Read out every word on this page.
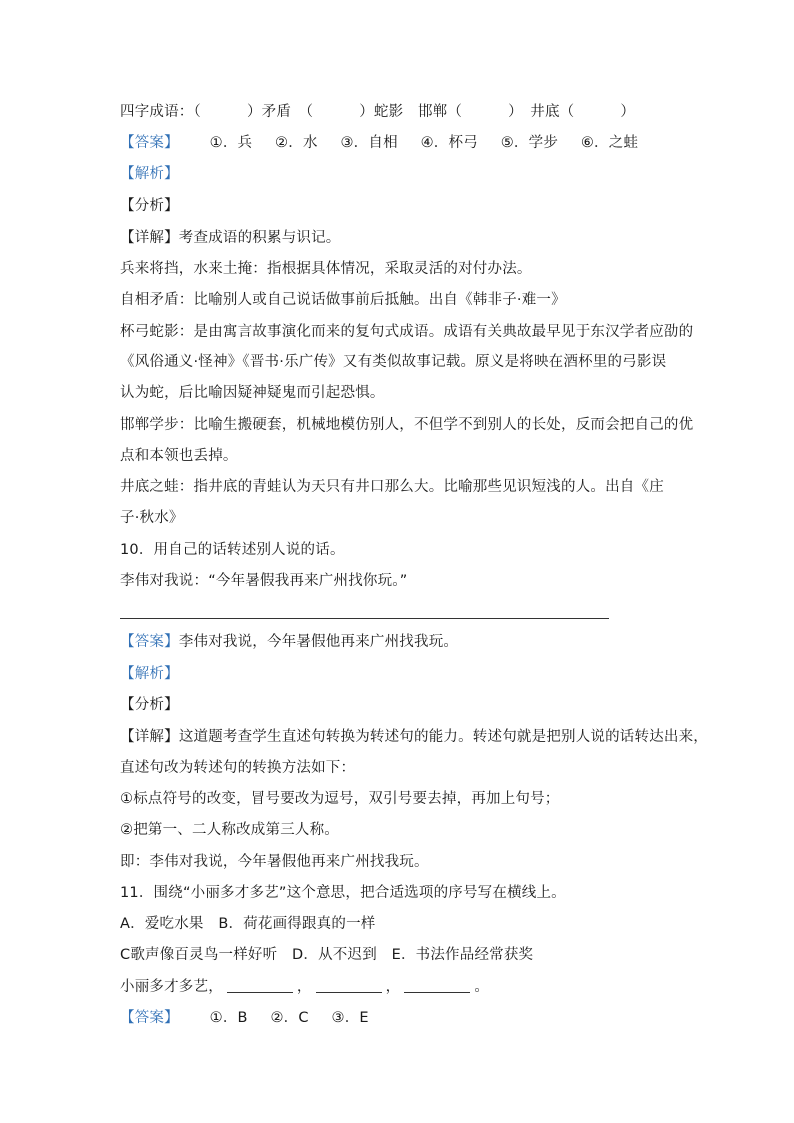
四字成语：（	）矛盾　（	）蛇影　邯郸（	）　井底（	）
【答案】 ①．兵 ②．水 ③．自相 ④．杯弓 ⑤．学步 ⑥．之蛙
【解析】
【分析】
【详解】考查成语的积累与识记。
兵来将挡，水来土掩：指根据具体情况，采取灵活的对付办法。
自相矛盾：比喻别人或自己说话做事前后抵触。出自《韩非子·难一》
杯弓蛇影：是由寓言故事演化而来的复句式成语。成语有关典故最早见于东汉学者应劭的
《风俗通义·怪神》《晋书·乐广传》又有类似故事记载。原义是将映在酒杯里的弓影误
认为蛇，后比喻因疑神疑鬼而引起恐惧。
邯郸学步：比喻生搬硬套，机械地模仿别人，不但学不到别人的长处，反而会把自己的优
点和本领也丢掉。
井底之蛙：指井底的青蛙认为天只有井口那么大。比喻那些见识短浅的人。出自《庄
子·秋水》
10．用自己的话转述别人说的话。
李伟对我说：“今年暑假我再来广州找你玩。”
【答案】李伟对我说，今年暑假他再来广州找我玩。
【解析】
【分析】
【详解】这道题考查学生直述句转换为转述句的能力。转述句就是把别人说的话转达出来，
直述句改为转述句的转换方法如下：
①标点符号的改变，冒号要改为逗号，双引号要去掉，再加上句号；
②把第一、二人称改成第三人称。
即：李伟对我说，今年暑假他再来广州找我玩。
11．围绕“小丽多才多艺”这个意思，把合适选项的序号写在横线上。
A．爱吃水果　B．荷花画得跟真的一样
C歌声像百灵鸟一样好听　D．从不迟到　E．书法作品经常获奖
小丽多才多艺，	，	，	。
【答案】 ①．B ②．C ③．E
